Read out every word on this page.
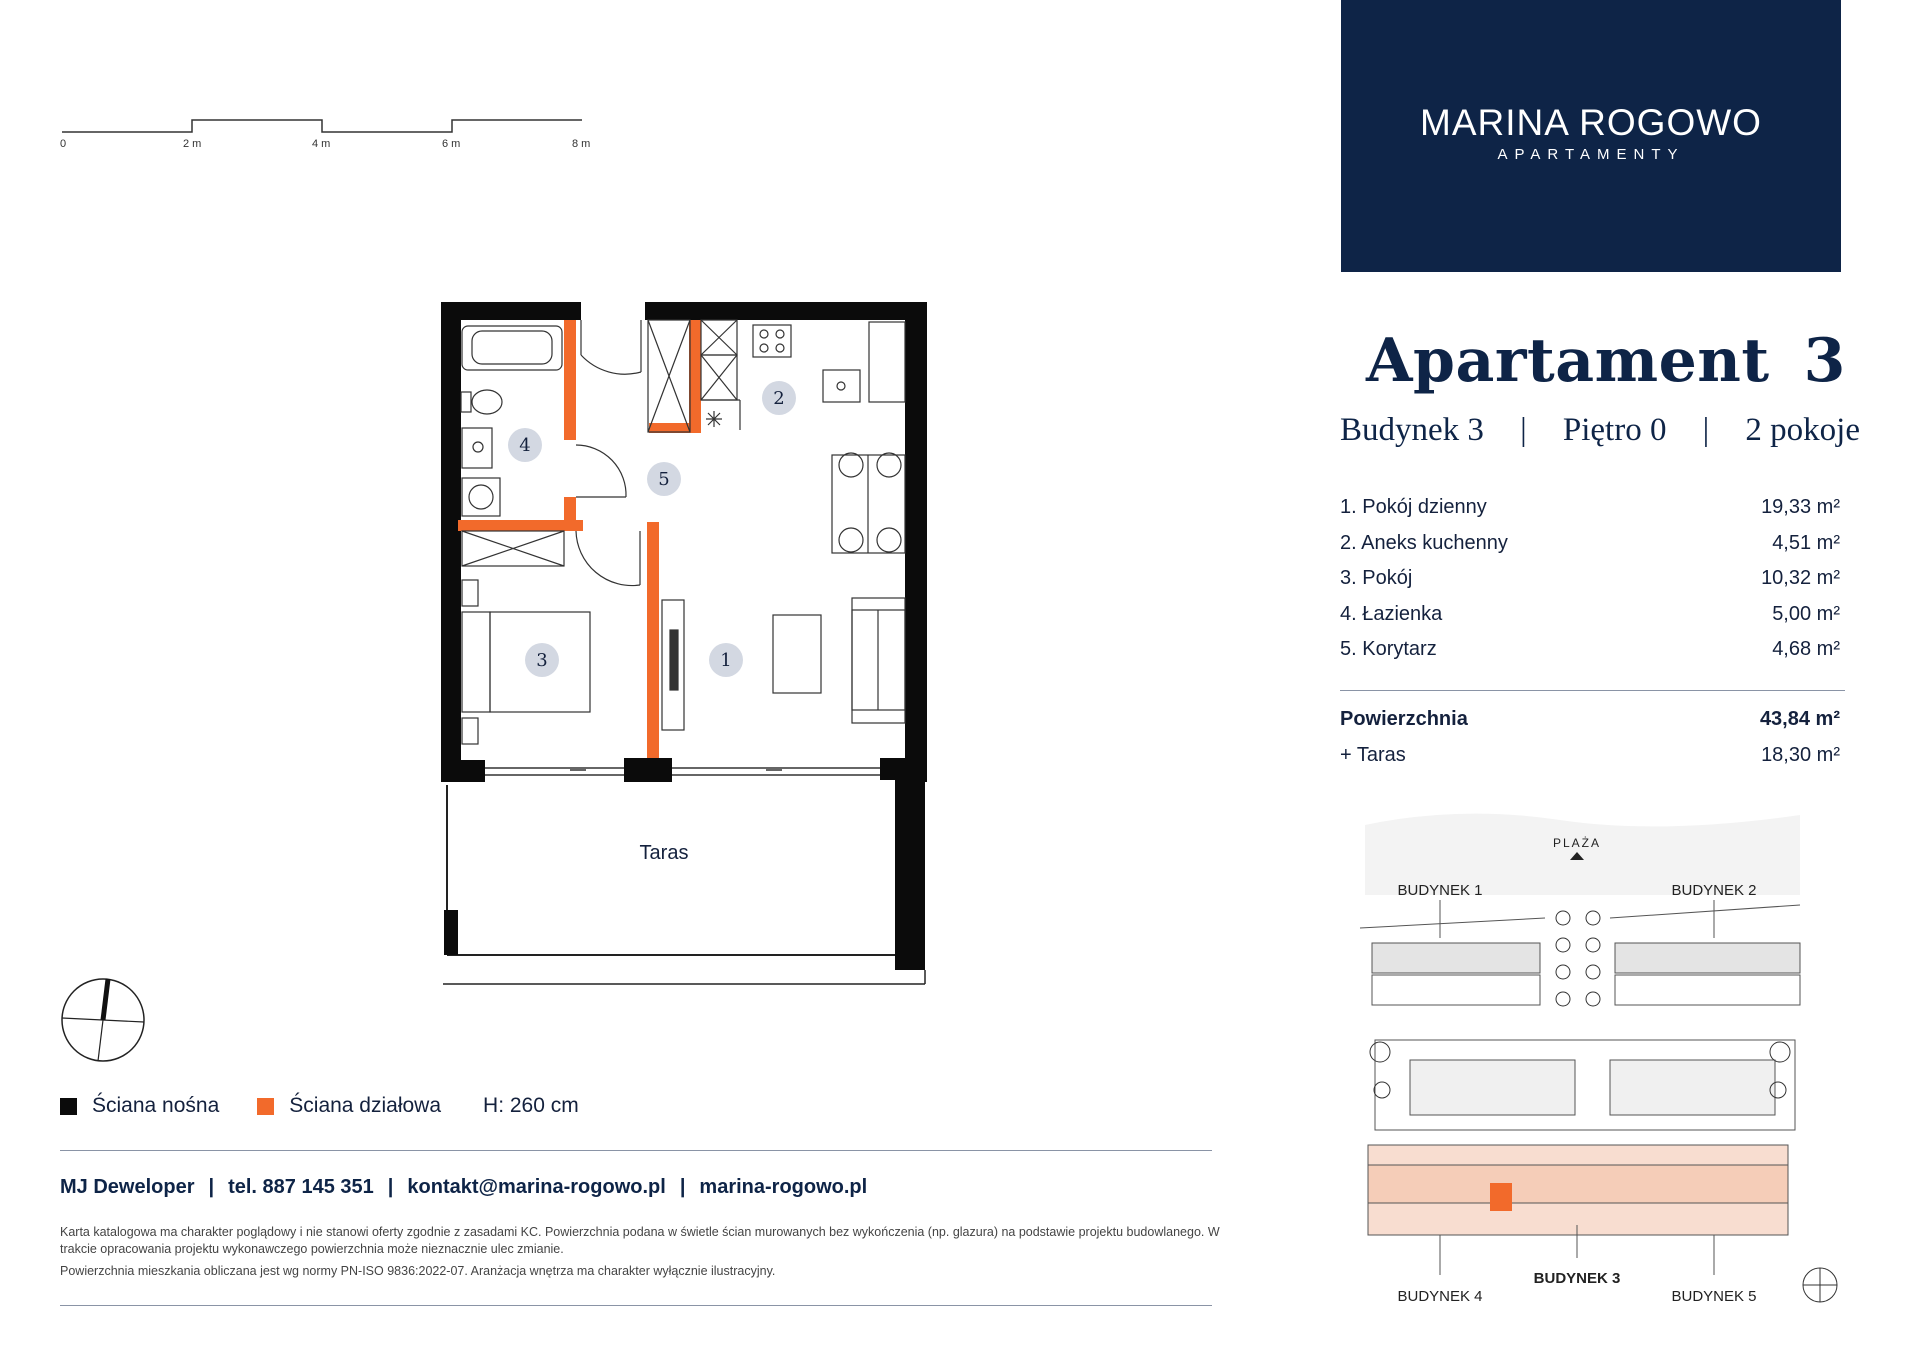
0	2 m	4 m	6 m	8 m
MARINA ROGOWO
APARTAMENTY
Apartament 3
Budynek 3 | Piętro 0 | 2 pokoje
1. Pokój dzienny	19,33 m²
2. Aneks kuchenny	4,51 m²
3. Pokój	10,32 m²
4. Łazienka	5,00 m²
5. Korytarz	4,68 m²
Powierzchnia	43,84 m²
+ Taras	18,30 m²
1
2
3
4
5
Taras	PLAŻA
BUDYNEK 1	BUDYNEK 2
BUDYNEK 3
BUDYNEK 4	BUDYNEK 5
Ściana nośna	Ściana działowa H: 260 cm
MJ Deweloper | tel. 887 145 351 | kontakt@marina-rogowo.pl | marina-rogowo.pl
Karta katalogowa ma charakter poglądowy i nie stanowi oferty zgodnie z zasadami KC. Powierzchnia podana w świetle ścian murowanych bez wykończenia (np. glazura) na podstawie projektu budowlanego. W trakcie opracowania projektu wykonawczego powierzchnia może nieznacznie ulec zmianie.
Powierzchnia mieszkania obliczana jest wg normy PN-ISO 9836:2022-07. Aranżacja wnętrza ma charakter wyłącznie ilustracyjny.
